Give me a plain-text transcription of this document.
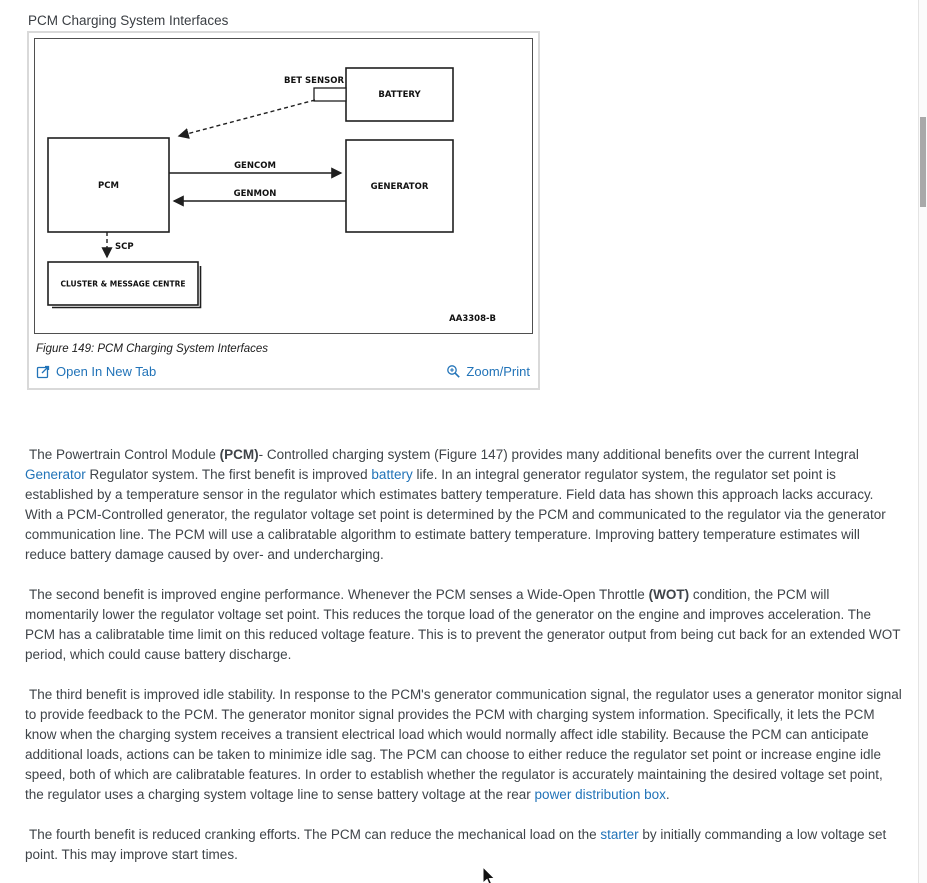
PCM Charging System Interfaces
BATTERY
BET SENSOR
PCM	GENERATOR
GENCOM
GENMON
SCP
CLUSTER & MESSAGE CENTRE
AA3308-B
Figure 149: PCM Charging System Interfaces
Open In New Tab	Zoom/Print

The Powertrain Control Module (PCM)- Controlled charging system (Figure 147) provides many additional benefits over the current Integral Generator Regulator system. The first benefit is improved battery life. In an integral generator regulator system, the regulator set point is established by a temperature sensor in the regulator which estimates battery temperature. Field data has shown this approach lacks accuracy. With a PCM-Controlled generator, the regulator voltage set point is determined by the PCM and communicated to the regulator via the generator communication line. The PCM will use a calibratable algorithm to estimate battery temperature. Improving battery temperature estimates will reduce battery damage caused by over- and undercharging.

The second benefit is improved engine performance. Whenever the PCM senses a Wide-Open Throttle (WOT) condition, the PCM will momentarily lower the regulator voltage set point. This reduces the torque load of the generator on the engine and improves acceleration. The PCM has a calibratable time limit on this reduced voltage feature. This is to prevent the generator output from being cut back for an extended WOT period, which could cause battery discharge.

The third benefit is improved idle stability. In response to the PCM's generator communication signal, the regulator uses a generator monitor signal to provide feedback to the PCM. The generator monitor signal provides the PCM with charging system information. Specifically, it lets the PCM know when the charging system receives a transient electrical load which would normally affect idle stability. Because the PCM can anticipate additional loads, actions can be taken to minimize idle sag. The PCM can choose to either reduce the regulator set point or increase engine idle speed, both of which are calibratable features. In order to establish whether the regulator is accurately maintaining the desired voltage set point, the regulator uses a charging system voltage line to sense battery voltage at the rear power distribution box.

The fourth benefit is reduced cranking efforts. The PCM can reduce the mechanical load on the starter by initially commanding a low voltage set point. This may improve start times.
